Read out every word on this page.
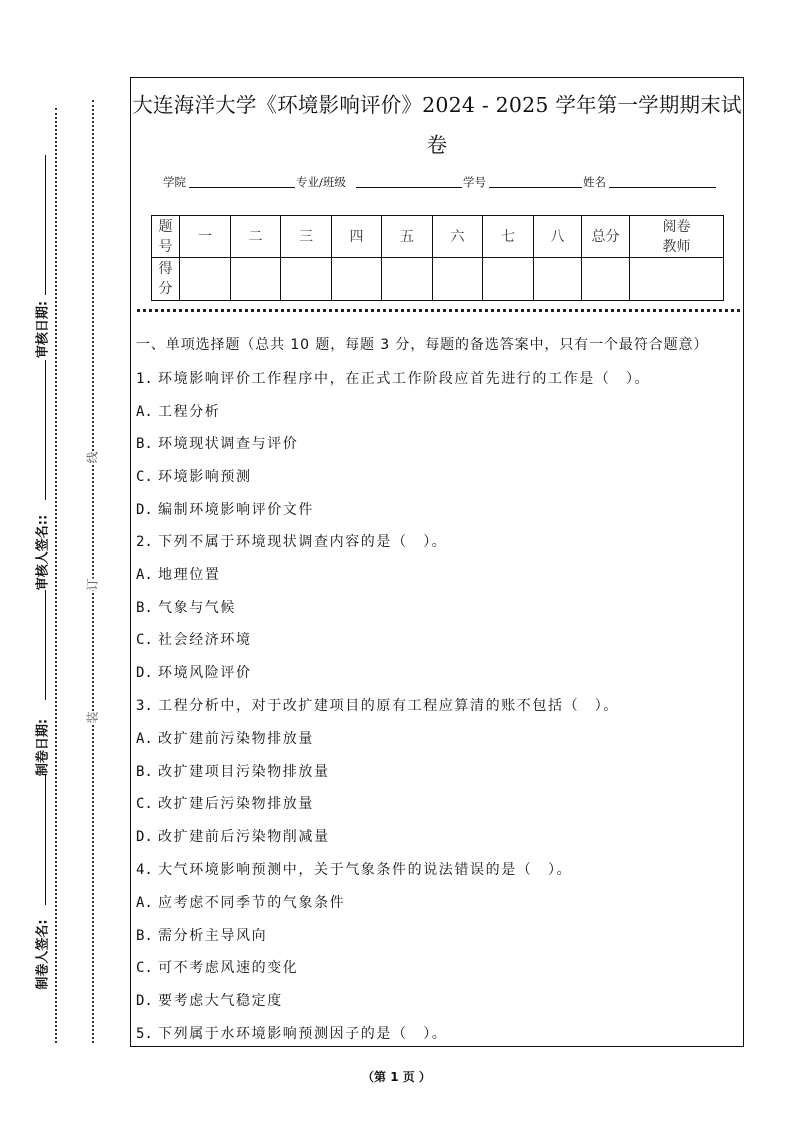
审核日期:
审核人签名::
制卷日期:
制卷人签名:
线
订
装
大连海洋大学《环境影响评价》2024 - 2025 学年第一学期期末试
卷
学院	专业/班级	学号	姓名
题号	一	二	三	四	五	六	七	八	总分	阅卷教师
得分										
一、单项选择题（总共 10 题，每题 3 分，每题的备选答案中，只有一个最符合题意）
1. 环境影响评价工作程序中，在正式工作阶段应首先进行的工作是（　）。
A. 工程分析
B. 环境现状调查与评价
C. 环境影响预测
D. 编制环境影响评价文件
2. 下列不属于环境现状调查内容的是（　）。
A. 地理位置
B. 气象与气候
C. 社会经济环境
D. 环境风险评价
3. 工程分析中，对于改扩建项目的原有工程应算清的账不包括（　）。
A. 改扩建前污染物排放量
B. 改扩建项目污染物排放量
C. 改扩建后污染物排放量
D. 改扩建前后污染物削减量
4. 大气环境影响预测中，关于气象条件的说法错误的是（　）。
A. 应考虑不同季节的气象条件
B. 需分析主导风向
C. 可不考虑风速的变化
D. 要考虑大气稳定度
5. 下列属于水环境影响预测因子的是（　）。
（第 1 页 ）
